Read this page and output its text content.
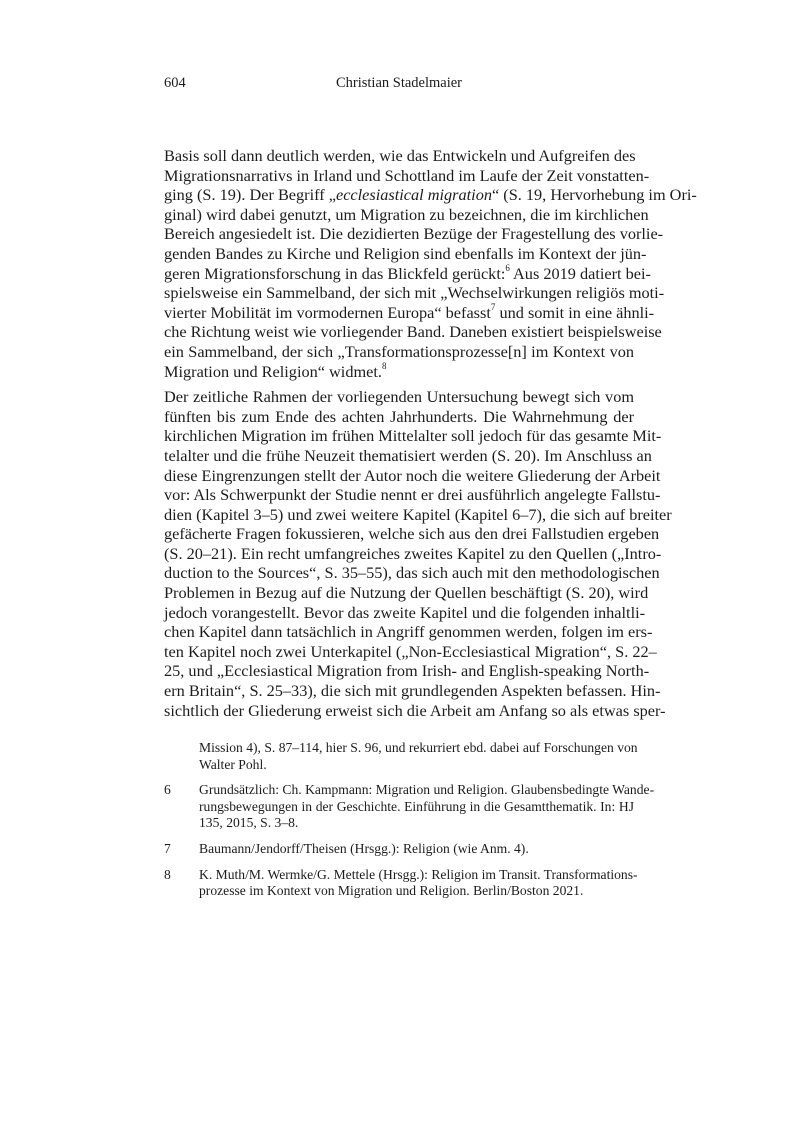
604	Christian Stadelmaier
Basis soll dann deutlich werden, wie das Entwickeln und Aufgreifen des
Migrationsnarrativs in Irland und Schottland im Laufe der Zeit vonstatten-
ging (S. 19). Der Begriff „ecclesiastical migration“ (S. 19, Hervorhebung im Ori-
ginal) wird dabei genutzt, um Migration zu bezeichnen, die im kirchlichen
Bereich angesiedelt ist. Die dezidierten Bezüge der Fragestellung des vorlie-
genden Bandes zu Kirche und Religion sind ebenfalls im Kontext der jün-
geren Migrationsforschung in das Blickfeld gerückt:$^6$ Aus 2019 datiert bei-
spielsweise ein Sammelband, der sich mit „Wechselwirkungen religiös moti-
vierter Mobilität im vormodernen Europa“ befasst$^7$ und somit in eine ähnli-
che Richtung weist wie vorliegender Band. Daneben existiert beispielsweise
ein Sammelband, der sich „Transformationsprozesse[n] im Kontext von
Migration und Religion“ widmet.$^8$
Der zeitliche Rahmen der vorliegenden Untersuchung bewegt sich vom
fünften bis zum Ende des achten Jahrhunderts. Die Wahrnehmung der
kirchlichen Migration im frühen Mittelalter soll jedoch für das gesamte Mit-
telalter und die frühe Neuzeit thematisiert werden (S. 20). Im Anschluss an
diese Eingrenzungen stellt der Autor noch die weitere Gliederung der Arbeit
vor: Als Schwerpunkt der Studie nennt er drei ausführlich angelegte Fallstu-
dien (Kapitel 3–5) und zwei weitere Kapitel (Kapitel 6–7), die sich auf breiter
gefächerte Fragen fokussieren, welche sich aus den drei Fallstudien ergeben
(S. 20–21). Ein recht umfangreiches zweites Kapitel zu den Quellen („Intro-
duction to the Sources“, S. 35–55), das sich auch mit den methodologischen
Problemen in Bezug auf die Nutzung der Quellen beschäftigt (S. 20), wird
jedoch vorangestellt. Bevor das zweite Kapitel und die folgenden inhaltli-
chen Kapitel dann tatsächlich in Angriff genommen werden, folgen im ers-
ten Kapitel noch zwei Unterkapitel („Non-Ecclesiastical Migration“, S. 22–
25, und „Ecclesiastical Migration from Irish- and English-speaking North-
ern Britain“, S. 25–33), die sich mit grundlegenden Aspekten befassen. Hin-
sichtlich der Gliederung erweist sich die Arbeit am Anfang so als etwas sper-
Mission 4), S. 87–114, hier S. 96, und rekurriert ebd. dabei auf Forschungen von
Walter Pohl.
6 Grundsätzlich: Ch. Kampmann: Migration und Religion. Glaubensbedingte Wande-
rungsbewegungen in der Geschichte. Einführung in die Gesamtthematik. In: HJ
135, 2015, S. 3–8.
7 Baumann/Jendorff/Theisen (Hrsgg.): Religion (wie Anm. 4).
8 K. Muth/M. Wermke/G. Mettele (Hrsgg.): Religion im Transit. Transformations-
prozesse im Kontext von Migration und Religion. Berlin/Boston 2021.
